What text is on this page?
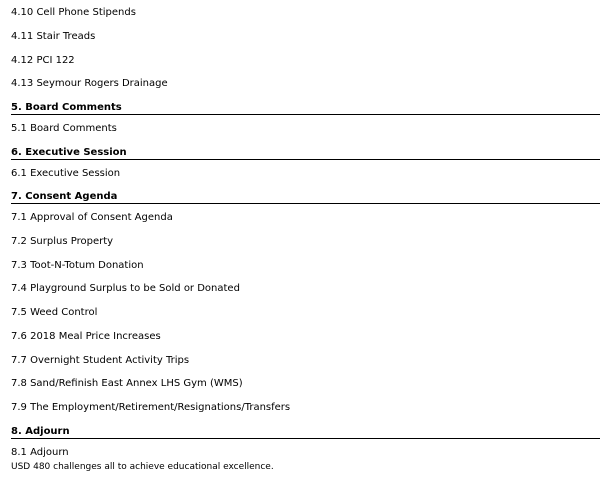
4.10 Cell Phone Stipends
4.11 Stair Treads
4.12 PCI 122
4.13 Seymour Rogers Drainage
5. Board Comments
5.1 Board Comments
6. Executive Session
6.1 Executive Session
7. Consent Agenda
7.1 Approval of Consent Agenda
7.2 Surplus Property
7.3 Toot-N-Totum Donation
7.4 Playground Surplus to be Sold or Donated
7.5 Weed Control
7.6 2018 Meal Price Increases
7.7 Overnight Student Activity Trips
7.8 Sand/Refinish East Annex LHS Gym (WMS)
7.9 The Employment/Retirement/Resignations/Transfers
8. Adjourn
8.1 Adjourn
USD 480 challenges all to achieve educational excellence.
